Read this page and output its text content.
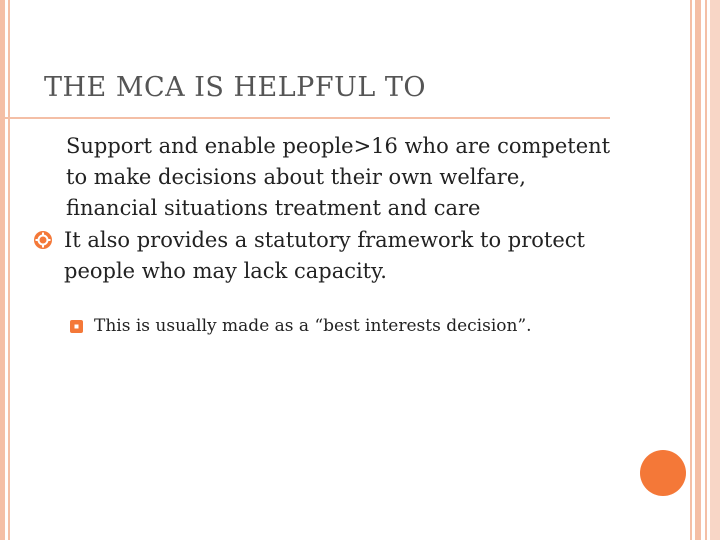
THE MCA IS HELPFUL TO
Support and enable people>16 who are competent
to make decisions about their own welfare,
financial situations treatment and care
It also provides a statutory framework to protect
people who may lack capacity.
This is usually made as a “best interests decision”.
